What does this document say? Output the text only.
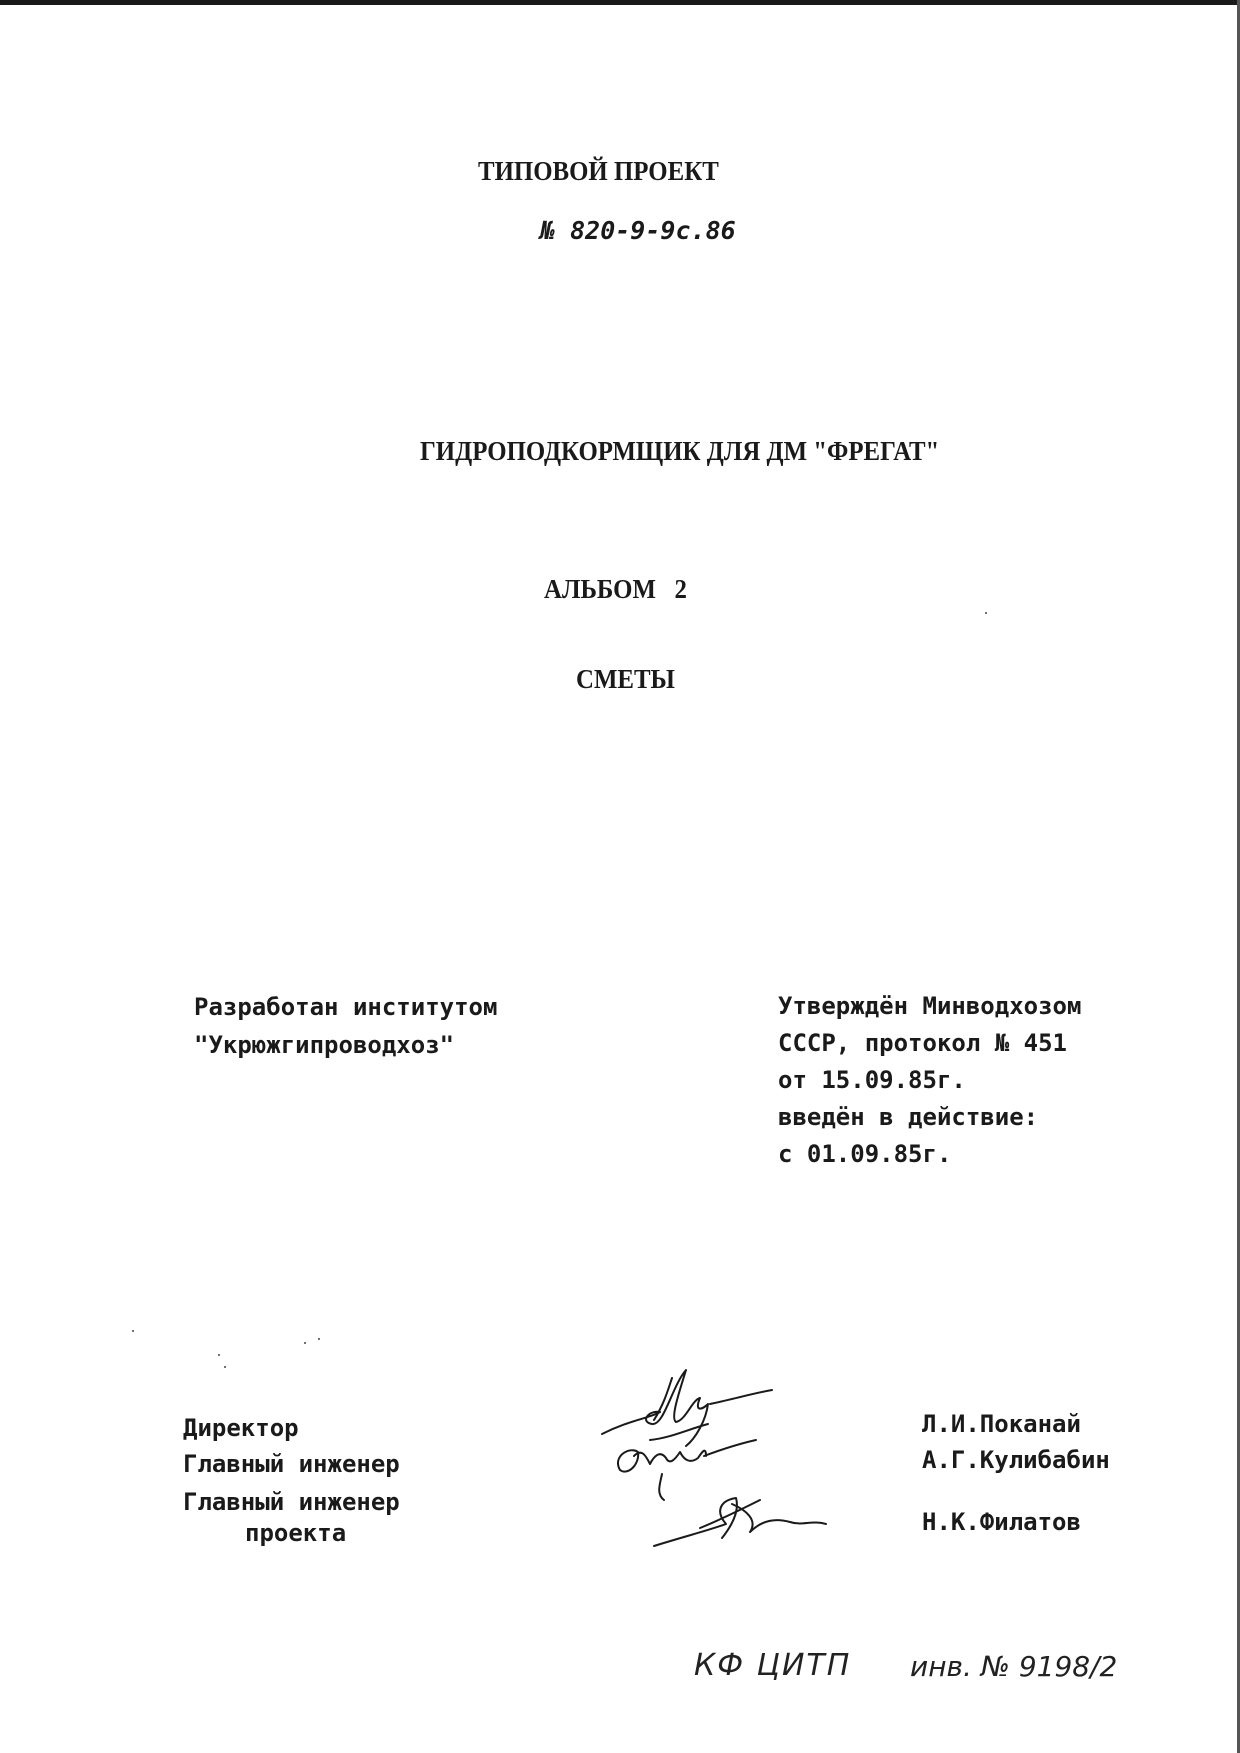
ТИПОВОЙ ПРОЕКТ
№ 820-9-9с.86
ГИДРОПОДКОРМЩИК ДЛЯ ДМ "ФРЕГАТ"
АЛЬБОМ   2
СМЕТЫ
Разработан институтом
"Укрюжгипроводхоз"
Утверждён Минводхозом
СССР, протокол № 451
от 15.09.85г.
введён в действие:
с 01.09.85г.
Директор
Главный инженер
Главный инженер
проекта
Л.И.Поканай
А.Г.Кулибабин
Н.К.Филатов
КФ ЦИТП инв. № 9198/2
